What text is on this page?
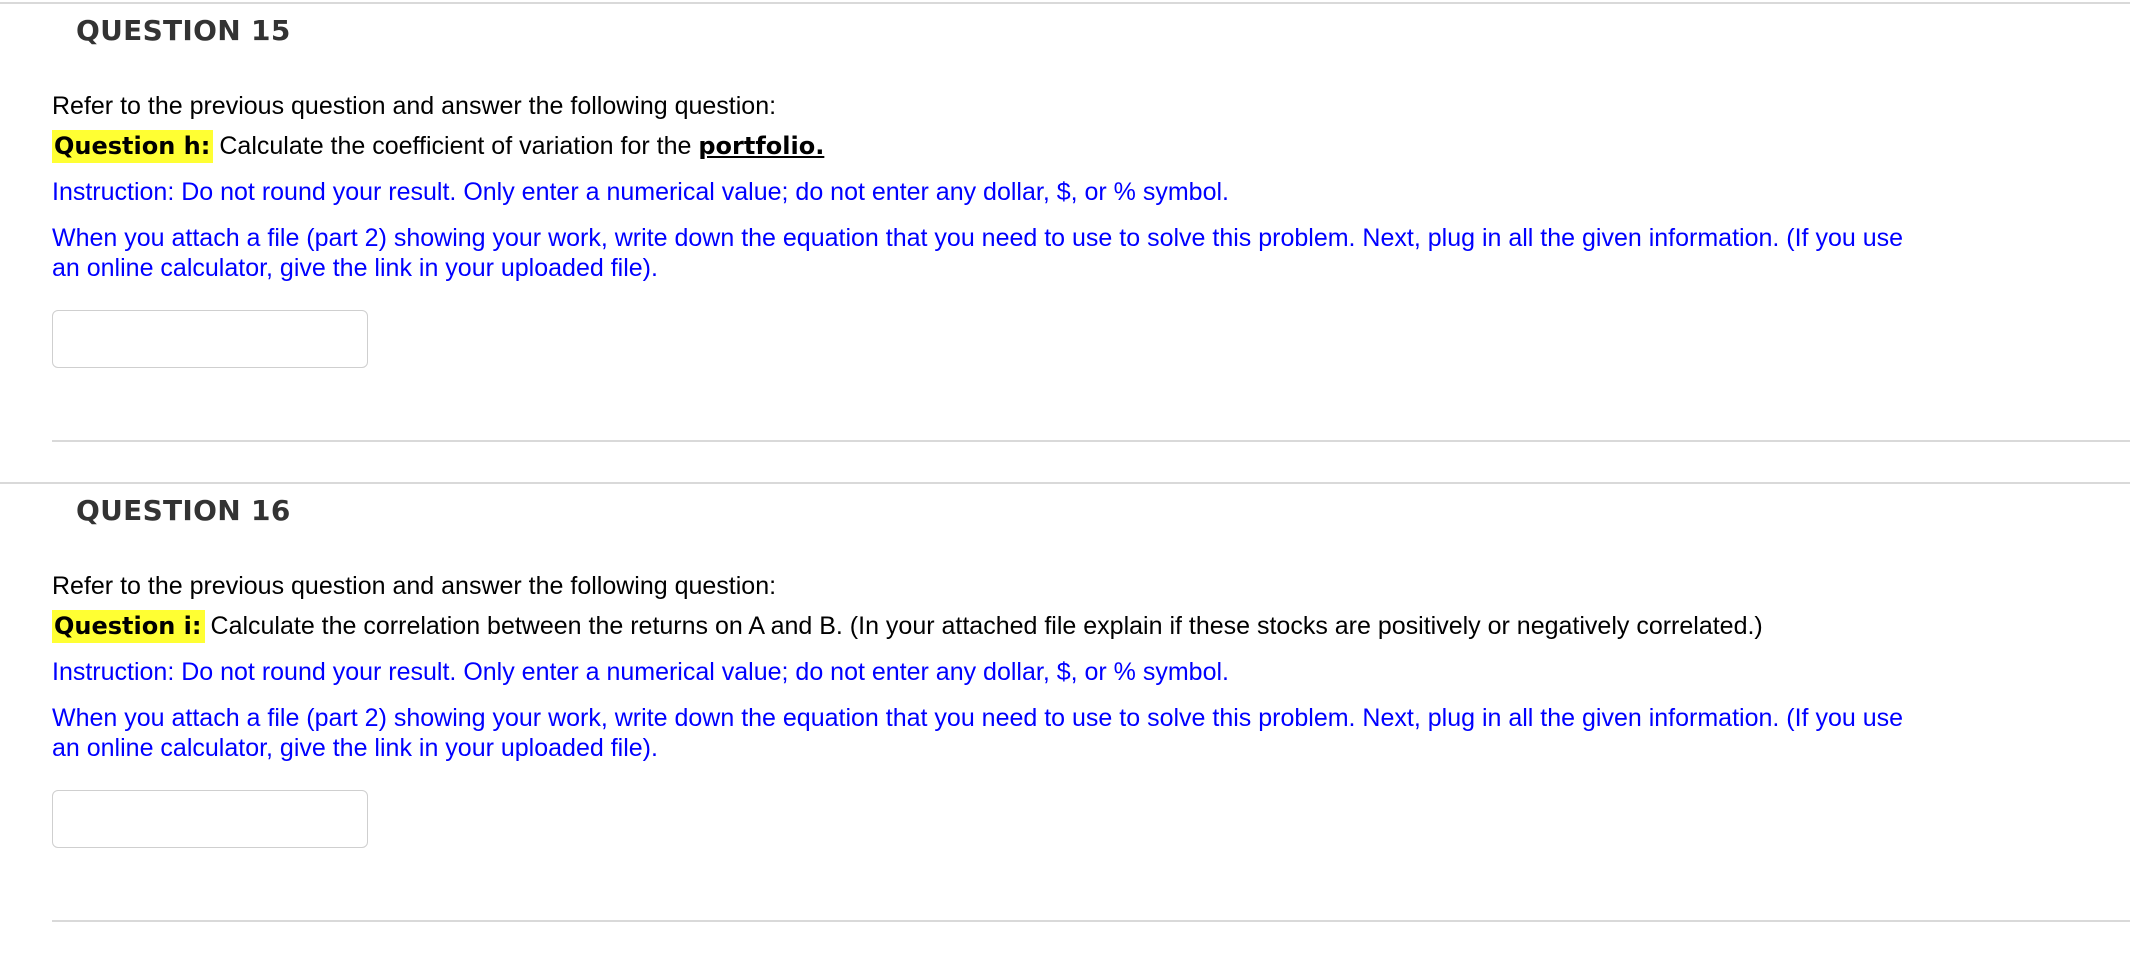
QUESTION 15

Refer to the previous question and answer the following question:

Question h: Calculate the coefficient of variation for the portfolio.

Instruction: Do not round your result. Only enter a numerical value; do not enter any dollar, $, or % symbol.

When you attach a file (part 2) showing your work, write down the equation that you need to use to solve this problem. Next, plug in all the given information. (If you use

an online calculator, give the link in your uploaded file).

QUESTION 16

Refer to the previous question and answer the following question:

Question i: Calculate the correlation between the returns on A and B. (In your attached file explain if these stocks are positively or negatively correlated.)

Instruction: Do not round your result. Only enter a numerical value; do not enter any dollar, $, or % symbol.

When you attach a file (part 2) showing your work, write down the equation that you need to use to solve this problem. Next, plug in all the given information. (If you use

an online calculator, give the link in your uploaded file).
